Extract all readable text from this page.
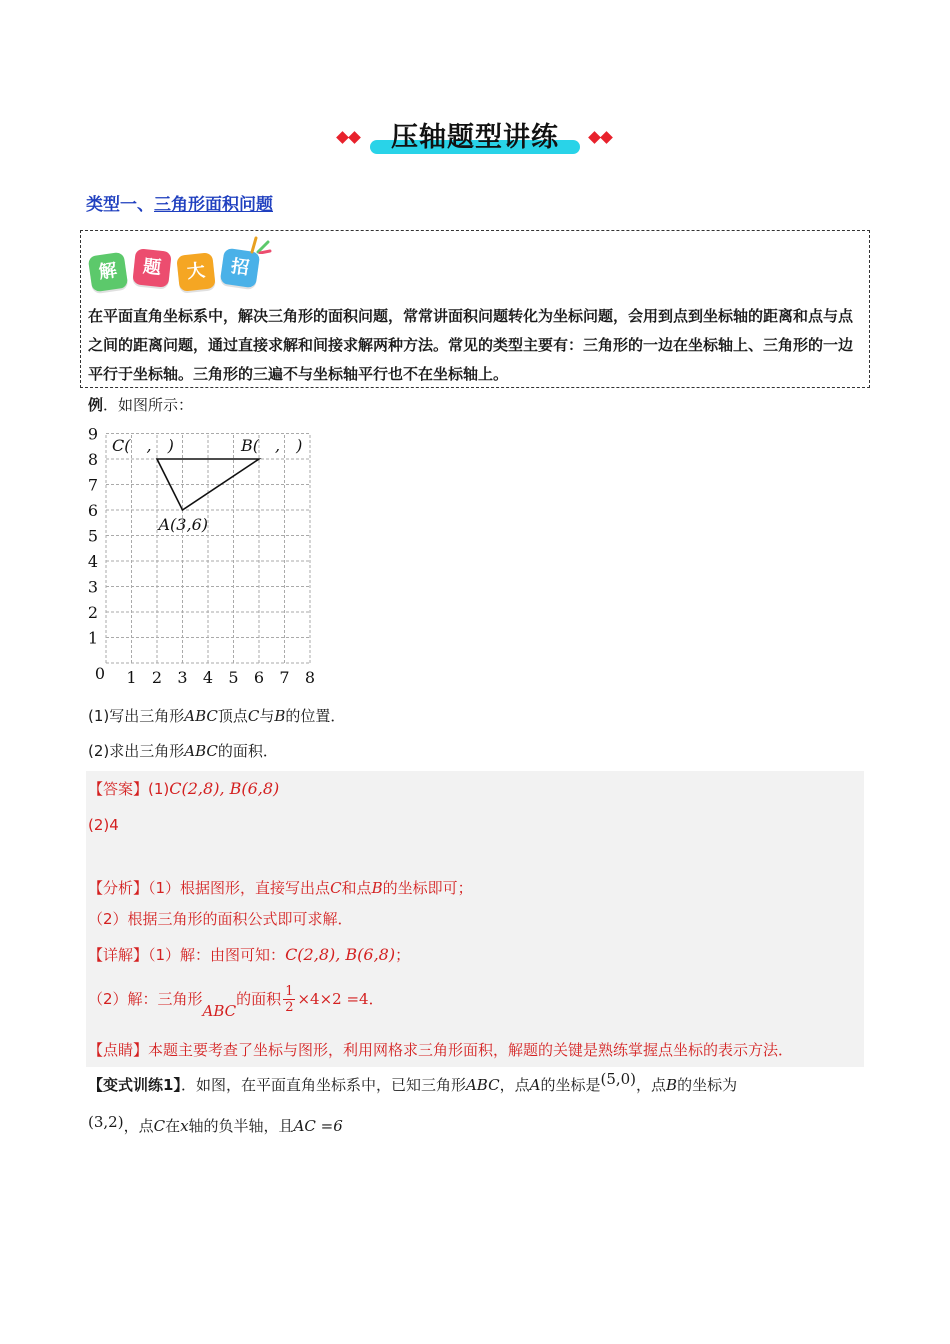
压轴题型讲练
类型一、三角形面积问题
解	题	大	招
在平面直角坐标系中，解决三角形的面积问题，常常讲面积问题转化为坐标问题，会用到点到坐标轴的距离和点与点之间的距离问题，通过直接求解和间接求解两种方法。常见的类型主要有：三角形的一边在坐标轴上、三角形的一边平行于坐标轴。三角形的三遍不与坐标轴平行也不在坐标轴上。
例．如图所示：
0 1 2 3 4 5 6 7 8
1
2
3
4
5
6
7
8
9
C(　,　)	B(　,　)
A(3,6)
(1)写出三角形ABC顶点C与B的位置．
(2)求出三角形ABC的面积．
【答案】(1)C(2,8), B(6,8)
(2)4
【分析】（1）根据图形，直接写出点C和点B的坐标即可；
（2）根据三角形的面积公式即可求解．
【详解】（1）解：由图可知：C(2,8), B(6,8)；
（2）解：三角形ABC的面积 $\frac{1}{2} \times 4\times 2 =4$．
【点睛】本题主要考查了坐标与图形，利用网格求三角形面积，解题的关键是熟练掌握点坐标的表示方法．
【变式训练1】．如图，在平面直角坐标系中，已知三角形ABC，点A的坐标是(5,0)，点B的坐标为
(3,2)，点C在x轴的负半轴，且AC =6
